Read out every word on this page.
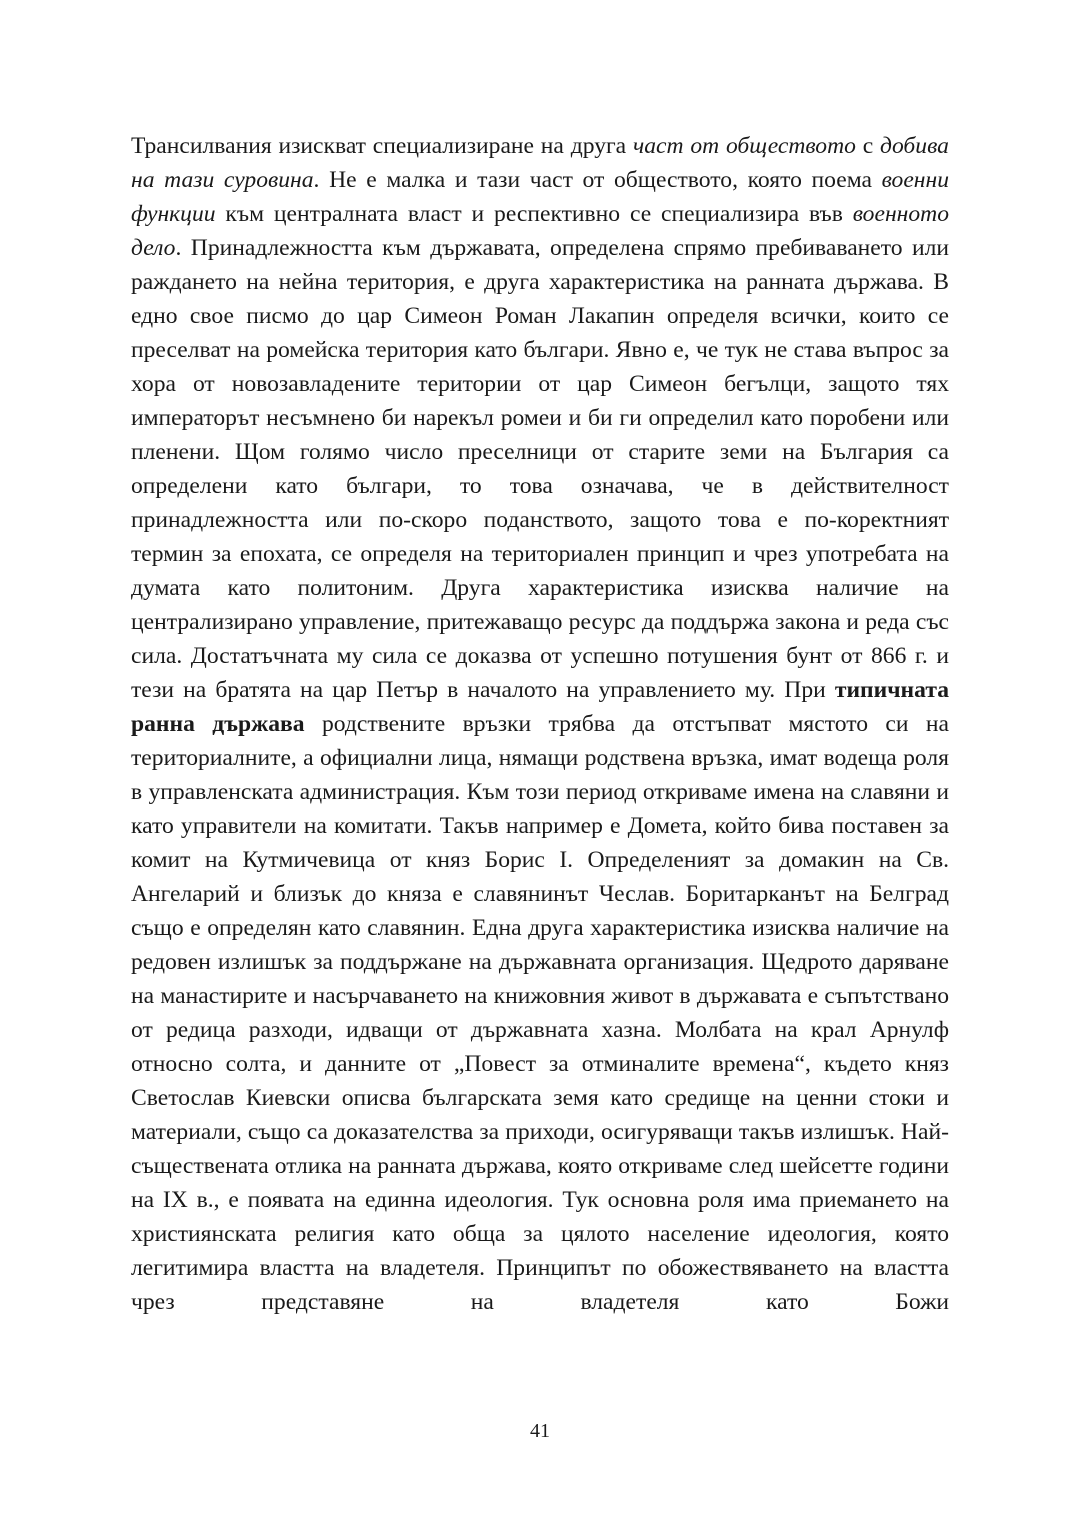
Трансилвания изискват специализиране на друга част от обществото с добива на тази суровина. Не е малка и тази част от обществото, която поема военни функции към централната власт и респективно се специализира във военното дело. Принадлежността към държавата, определена спрямо пребиваването или раждането на нейна територия, е друга характеристика на ранната държава. В едно свое писмо до цар Симеон Роман Лакапин определя всички, които се преселват на ромейска територия като българи. Явно е, че тук не става въпрос за хора от новозавладените територии от цар Симеон бегълци, защото тях императорът несъмнено би нарекъл ромеи и би ги определил като поробени или пленени. Щом голямо число преселници от старите земи на България са определени като българи, то това означава, че в действителност принадлежността или по-скоро поданството, защото това е по-коректният термин за епохата, се определя на териториален принцип и чрез употребата на думата като политоним. Друга характеристика изисква наличие на централизирано управление, притежаващо ресурс да поддържа закона и реда със сила. Достатъчната му сила се доказва от успешно потушения бунт от 866 г. и тези на братята на цар Петър в началото на управлението му. При типичната ранна държава родствените връзки трябва да отстъпват мястото си на териториалните, а официални лица, нямащи родствена връзка, имат водеща роля в управленската администрация. Към този период откриваме имена на славяни и като управители на комитати. Такъв например е Домета, който бива поставен за комит на Кутмичевица от княз Борис I. Определеният за домакин на Св. Ангеларий и близък до княза е славянинът Чеслав. Боритарканът на Белград също е определян като славянин. Една друга характеристика изисква наличие на редовен излишък за поддържане на държавната организация. Щедрото даряване на манастирите и насърчаването на книжовния живот в държавата е съпътствано от редица разходи, идващи от държавната хазна. Молбата на крал Арнулф относно солта, и данните от „Повест за отминалите времена“, където княз Светослав Киевски описва българската земя като средище на ценни стоки и материали, също са доказателства за приходи, осигуряващи такъв излишък. Най-съществената отлика на ранната държава, която откриваме след шейсетте години на IX в., е появата на единна идеология. Тук основна роля има приемането на християнската религия като обща за цялото население идеология, която легитимира властта на владетеля. Принципът по обожествяването на властта чрез представяне на владетеля като Божи

41
